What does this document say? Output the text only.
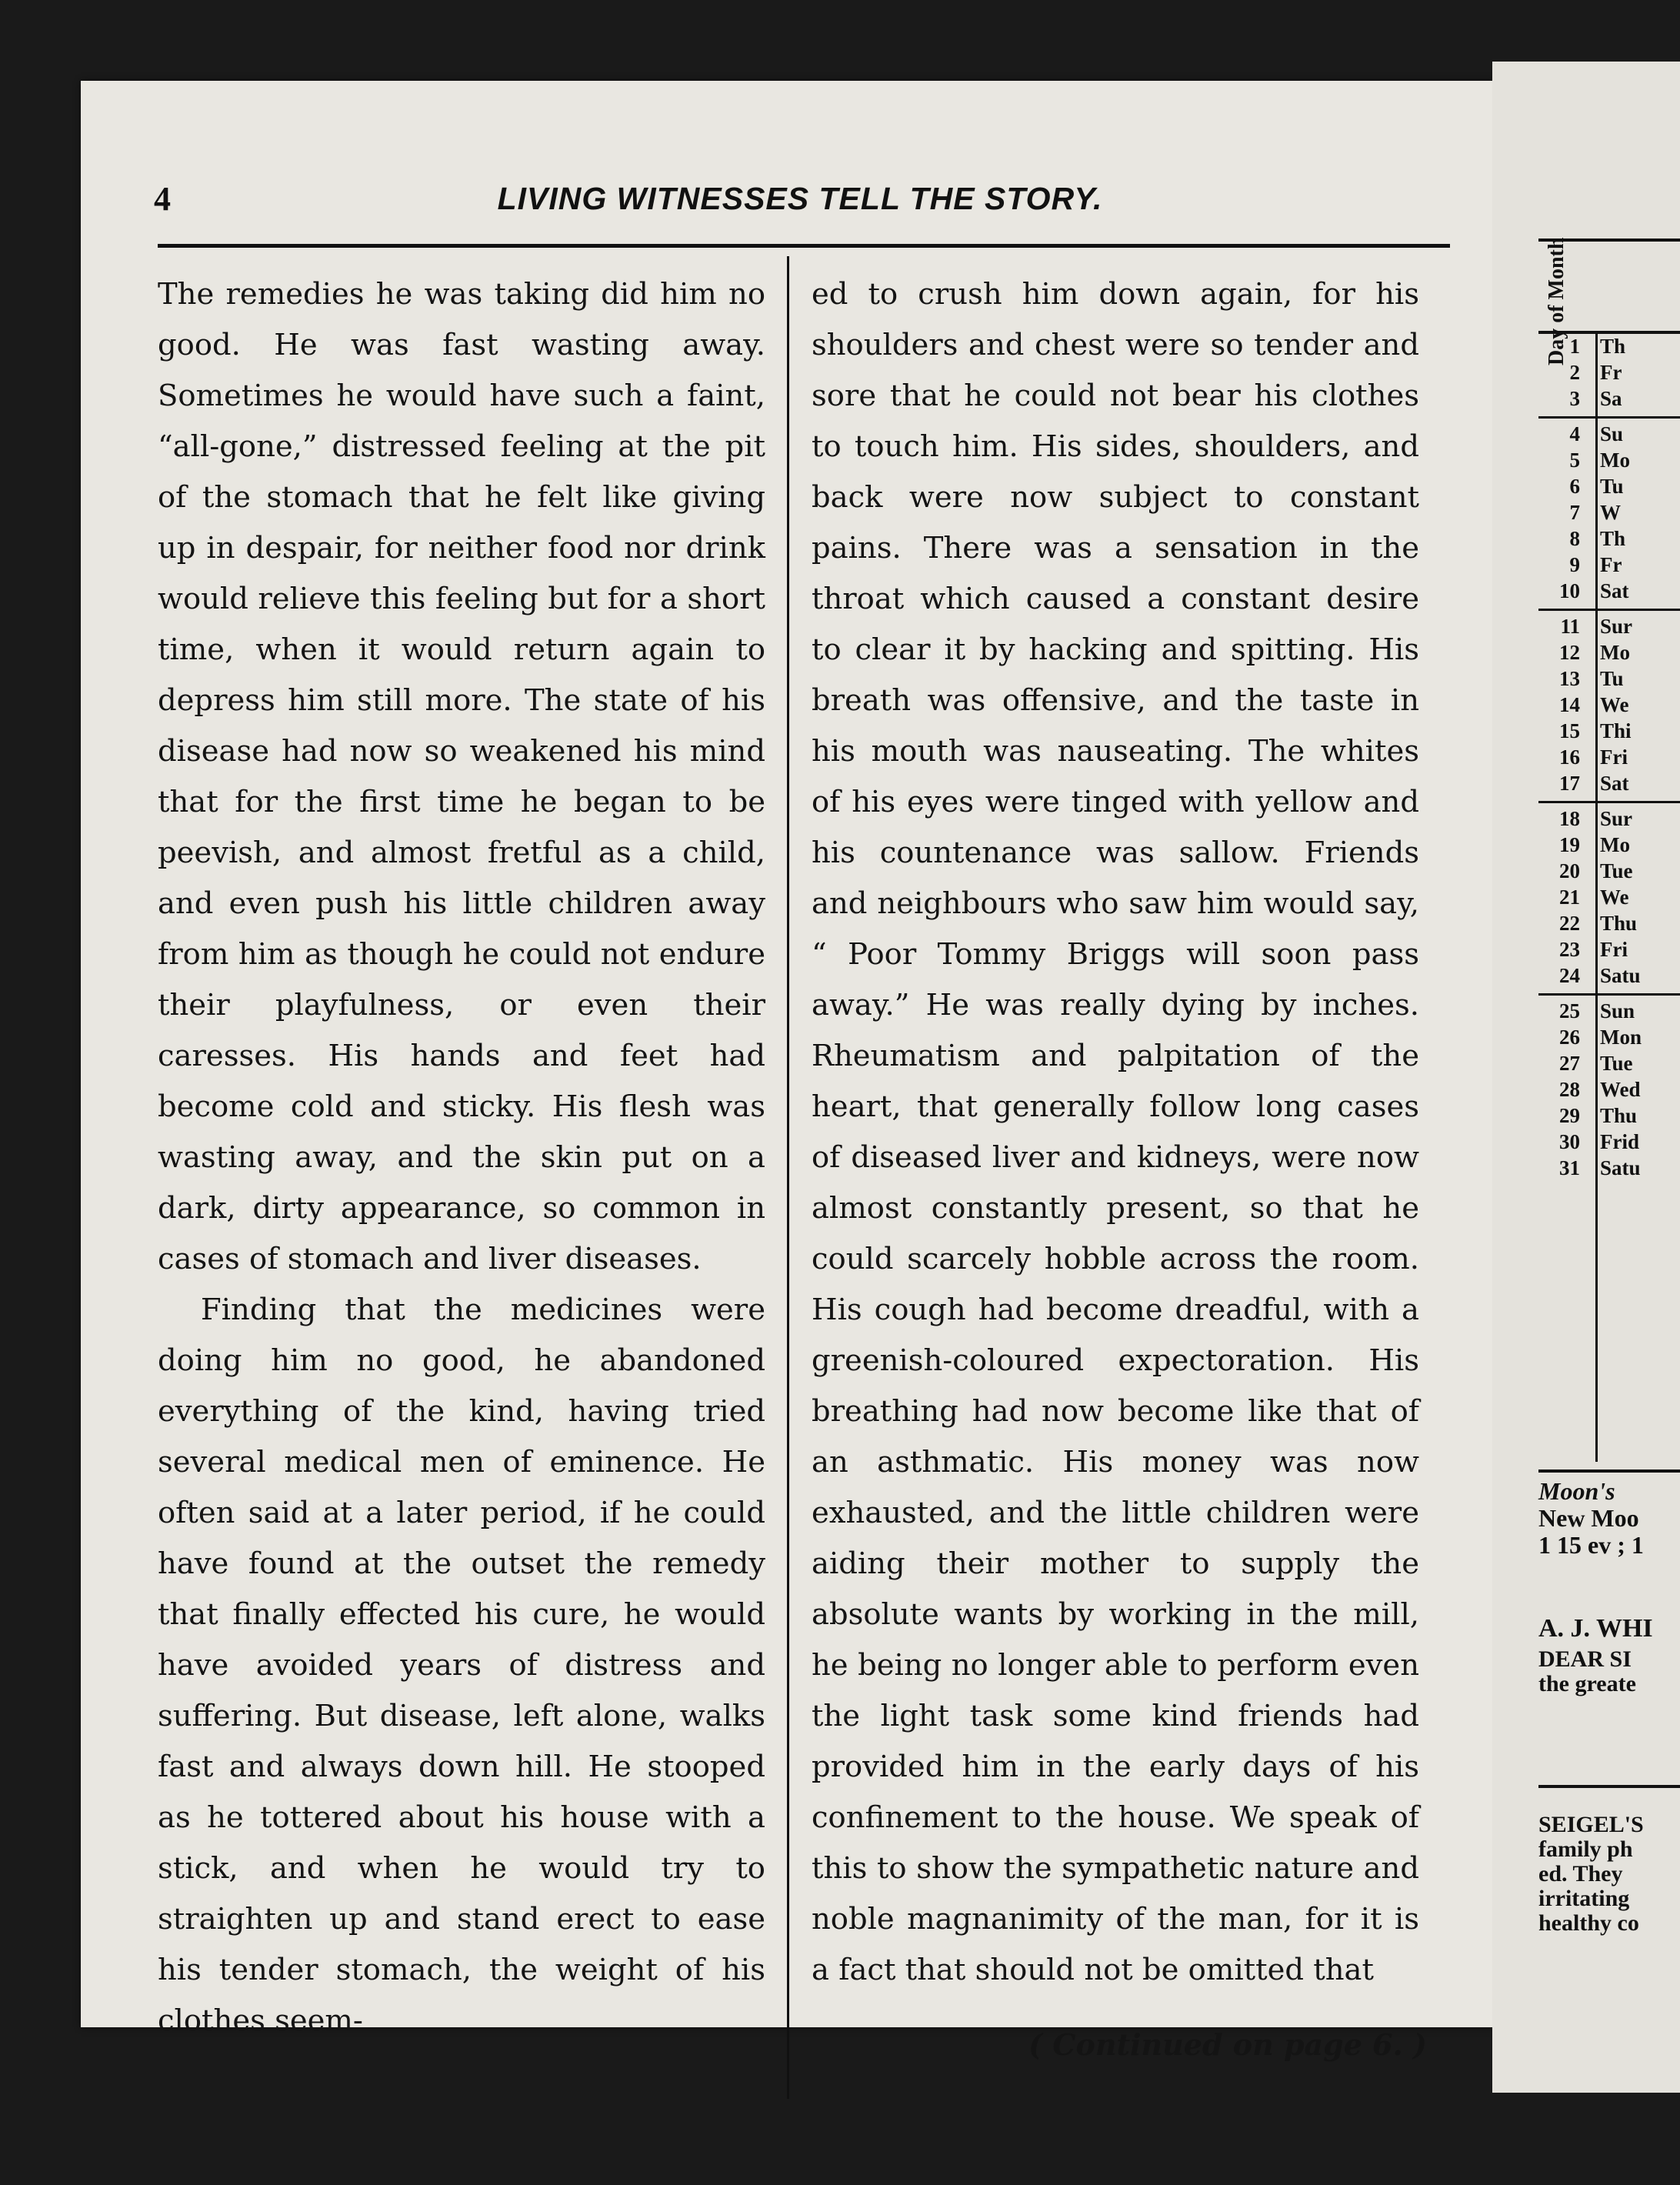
4	LIVING WITNESSES TELL THE STORY.

The remedies he was taking did him no good. He was fast wasting away. Sometimes he would have such a faint, “all-gone,” distressed feeling at the pit of the stomach that he felt like giving up in despair, for neither food nor drink would relieve this feeling but for a short time, when it would return again to depress him still more. The state of his disease had now so weakened his mind that for the first time he began to be peevish, and almost fretful as a child, and even push his little children away from him as though he could not endure their playfulness, or even their caresses. His hands and feet had become cold and sticky. His flesh was wasting away, and the skin put on a dark, dirty appearance, so common in cases of stomach and liver diseases.

Finding that the medicines were doing him no good, he abandoned everything of the kind, having tried several medical men of eminence. He often said at a later period, if he could have found at the outset the remedy that finally effected his cure, he would have avoided years of distress and suffering. But disease, left alone, walks fast and always down hill. He stooped as he tottered about his house with a stick, and when he would try to straighten up and stand erect to ease his tender stomach, the weight of his clothes seem-

ed to crush him down again, for his shoulders and chest were so tender and sore that he could not bear his clothes to touch him. His sides, shoulders, and back were now subject to constant pains. There was a sensation in the throat which caused a constant desire to clear it by hacking and spitting. His breath was offensive, and the taste in his mouth was nauseating. The whites of his eyes were tinged with yellow and his countenance was sallow. Friends and neighbours who saw him would say, “ Poor Tommy Briggs will soon pass away.” He was really dying by inches. Rheumatism and palpitation of the heart, that generally follow long cases of diseased liver and kidneys, were now almost constantly present, so that he could scarcely hobble across the room. His cough had become dreadful, with a greenish-coloured expectoration. His breathing had now become like that of an asthmatic. His money was now exhausted, and the little children were aiding their mother to supply the absolute wants by working in the mill, he being no longer able to perform even the light task some kind friends had provided him in the early days of his confinement to the house. We speak of this to show the sympathetic nature and noble magnanimity of the man, for it is a fact that should not be omitted that

( Continued on page 6. )
Day of Month 1 Th
2 Fr
3 Sa
4 Su
5 Mo
6 Tu
7 W
8 Th
9 Fr
10 Sat
11 Sur
12 Mo
13 Tu
14 We
15 Thi
16 Fri
17 Sat
18 Sur
19 Mo
20 Tue
21 We
22 Thu
23 Fri
24 Satu
25 Sun
26 Mon
27 Tue
28 Wed
29 Thu
30 Frid
31 Satu
Moon's
New Moo
1 15 ev ; 1
A. J. WHI
DEAR SI
the greate
SEIGEL'S
family ph
ed. They
irritating
healthy co
